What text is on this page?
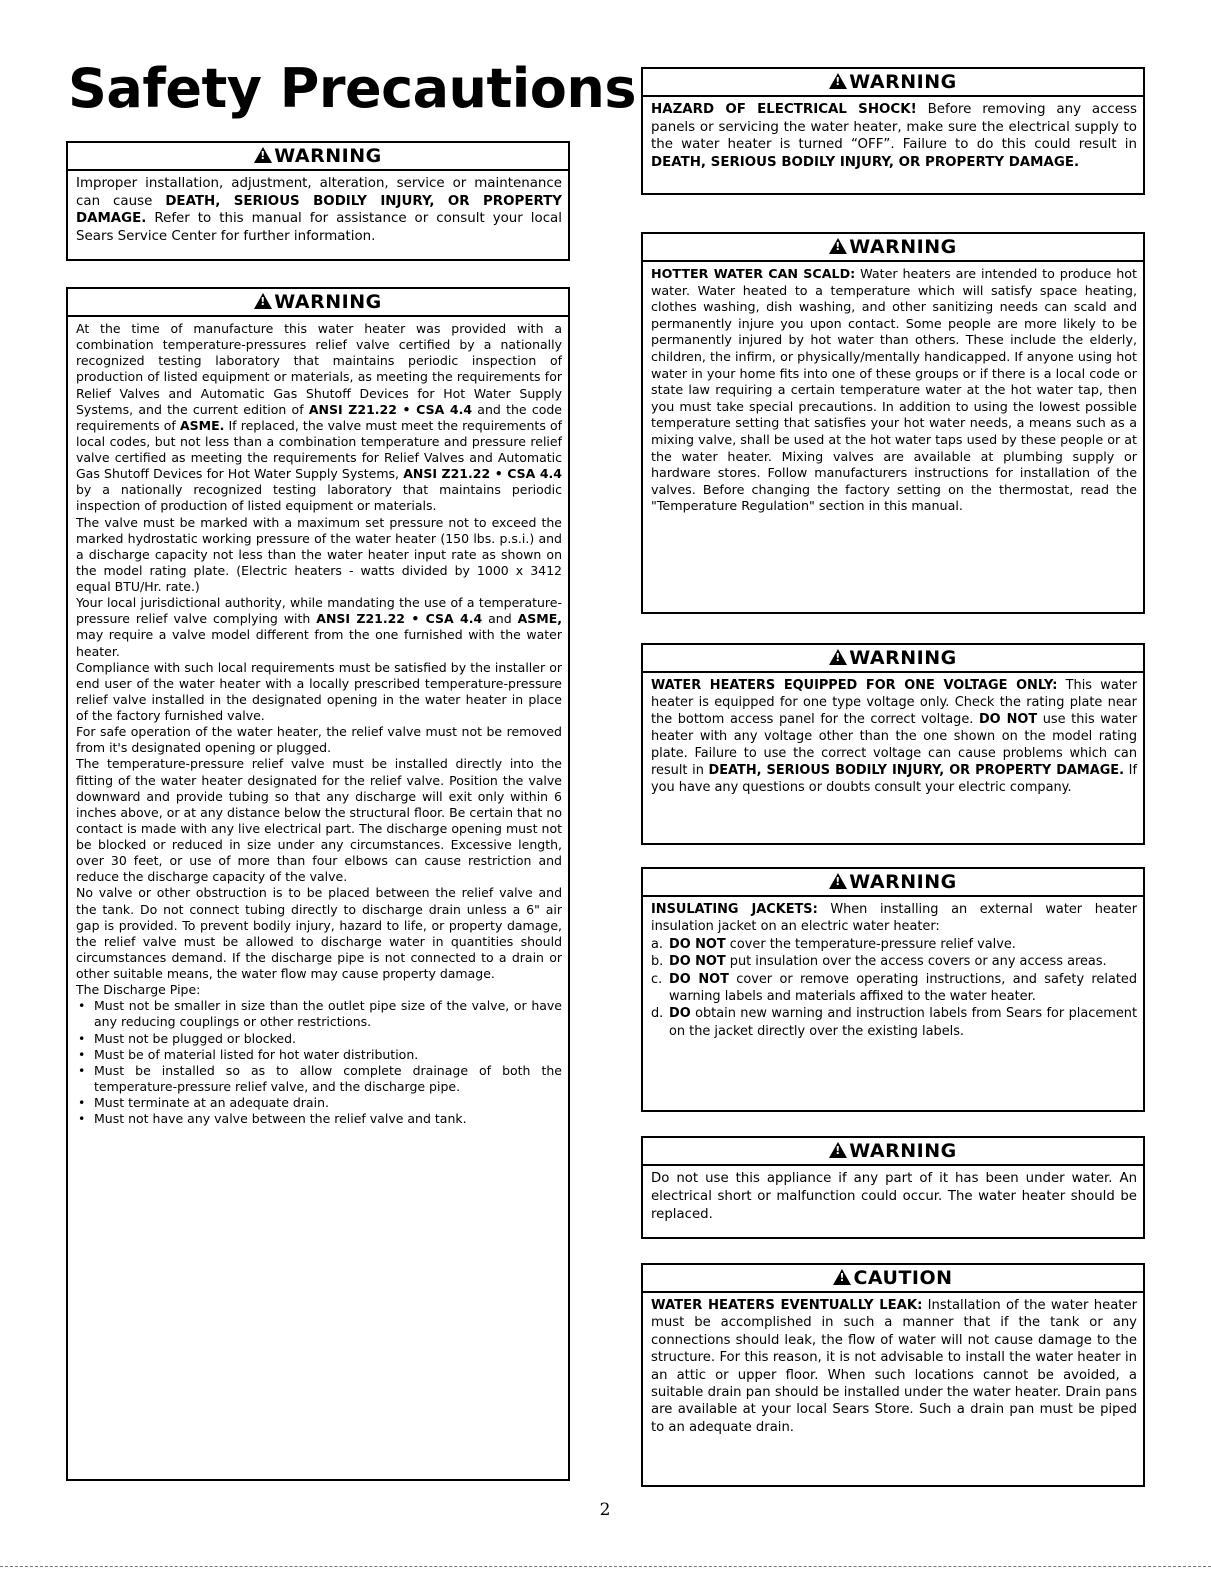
Safety Precautions
!WARNING
Improper installation, adjustment, alteration, service or maintenance can cause DEATH, SERIOUS BODILY INJURY, OR PROPERTY DAMAGE. Refer to this manual for assistance or consult your local Sears Service Center for further information.
!WARNING

At the time of manufacture this water heater was provided with a combination temperature-pressures relief valve certified by a nationally recognized testing laboratory that maintains periodic inspection of production of listed equipment or materials, as meeting the requirements for Relief Valves and Automatic Gas Shutoff Devices for Hot Water Supply Systems, and the current edition of ANSI Z21.22 • CSA 4.4 and the code requirements of ASME. If replaced, the valve must meet the requirements of local codes, but not less than a combination temperature and pressure relief valve certified as meeting the requirements for Relief Valves and Automatic Gas Shutoff Devices for Hot Water Supply Systems, ANSI Z21.22 • CSA 4.4 by a nationally recognized testing laboratory that maintains periodic inspection of production of listed equipment or materials.

The valve must be marked with a maximum set pressure not to exceed the marked hydrostatic working pressure of the water heater (150 lbs. p.s.i.) and a discharge capacity not less than the water heater input rate as shown on the model rating plate. (Electric heaters - watts divided by 1000 x 3412 equal BTU/Hr. rate.)

Your local jurisdictional authority, while mandating the use of a temperature-pressure relief valve complying with ANSI Z21.22 • CSA 4.4 and ASME, may require a valve model different from the one furnished with the water heater.

Compliance with such local requirements must be satisfied by the installer or end user of the water heater with a locally prescribed temperature-pressure relief valve installed in the designated opening in the water heater in place of the factory furnished valve.

For safe operation of the water heater, the relief valve must not be removed from it's designated opening or plugged.

The temperature-pressure relief valve must be installed directly into the fitting of the water heater designated for the relief valve. Position the valve downward and provide tubing so that any discharge will exit only within 6 inches above, or at any distance below the structural floor. Be certain that no contact is made with any live electrical part. The discharge opening must not be blocked or reduced in size under any circumstances. Excessive length, over 30 feet, or use of more than four elbows can cause restriction and reduce the discharge capacity of the valve.

No valve or other obstruction is to be placed between the relief valve and the tank. Do not connect tubing directly to discharge drain unless a 6" air gap is provided. To prevent bodily injury, hazard to life, or property damage, the relief valve must be allowed to discharge water in quantities should circumstances demand. If the discharge pipe is not connected to a drain or other suitable means, the water flow may cause property damage.

The Discharge Pipe:

• Must not be smaller in size than the outlet pipe size of the valve, or have any reducing couplings or other restrictions.
• Must not be plugged or blocked.
• Must be of material listed for hot water distribution.
• Must be installed so as to allow complete drainage of both the temperature-pressure relief valve, and the discharge pipe.
• Must terminate at an adequate drain.
• Must not have any valve between the relief valve and tank.
!WARNING
HAZARD OF ELECTRICAL SHOCK! Before removing any access panels or servicing the water heater, make sure the electrical supply to the water heater is turned “OFF”. Failure to do this could result in DEATH, SERIOUS BODILY INJURY, OR PROPERTY DAMAGE.
!WARNING
HOTTER WATER CAN SCALD: Water heaters are intended to produce hot water. Water heated to a temperature which will satisfy space heating, clothes washing, dish washing, and other sanitizing needs can scald and permanently injure you upon contact. Some people are more likely to be permanently injured by hot water than others. These include the elderly, children, the infirm, or physically/mentally handicapped. If anyone using hot water in your home fits into one of these groups or if there is a local code or state law requiring a certain temperature water at the hot water tap, then you must take special precautions. In addition to using the lowest possible temperature setting that satisfies your hot water needs, a means such as a mixing valve, shall be used at the hot water taps used by these people or at the water heater. Mixing valves are available at plumbing supply or hardware stores. Follow manufacturers instructions for installation of the valves. Before changing the factory setting on the thermostat, read the "Temperature Regulation" section in this manual.
!WARNING
WATER HEATERS EQUIPPED FOR ONE VOLTAGE ONLY: This water heater is equipped for one type voltage only. Check the rating plate near the bottom access panel for the correct voltage. DO NOT use this water heater with any voltage other than the one shown on the model rating plate. Failure to use the correct voltage can cause problems which can result in DEATH, SERIOUS BODILY INJURY, OR PROPERTY DAMAGE. If you have any questions or doubts consult your electric company.
!WARNING

INSULATING JACKETS: When installing an external water heater insulation jacket on an electric water heater:

a. DO NOT cover the temperature-pressure relief valve.
b. DO NOT put insulation over the access covers or any access areas.
c. DO NOT cover or remove operating instructions, and safety related warning labels and materials affixed to the water heater.
d. DO obtain new warning and instruction labels from Sears for placement on the jacket directly over the existing labels.
!WARNING
Do not use this appliance if any part of it has been under water. An electrical short or malfunction could occur. The water heater should be replaced.
!CAUTION
WATER HEATERS EVENTUALLY LEAK: Installation of the water heater must be accomplished in such a manner that if the tank or any connections should leak, the flow of water will not cause damage to the structure. For this reason, it is not advisable to install the water heater in an attic or upper floor. When such locations cannot be avoided, a suitable drain pan should be installed under the water heater. Drain pans are available at your local Sears Store. Such a drain pan must be piped to an adequate drain.
2
